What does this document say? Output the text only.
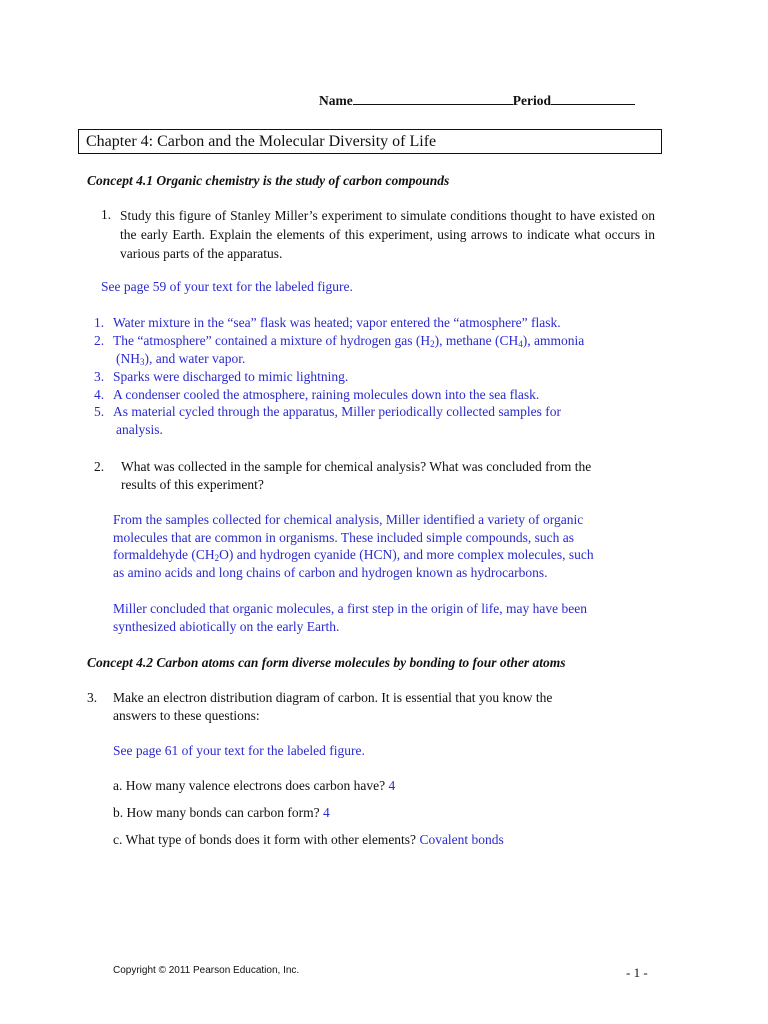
Name	Period
Chapter 4: Carbon and the Molecular Diversity of Life
Concept 4.1 Organic chemistry is the study of carbon compounds
1. Study this figure of Stanley Miller’s experiment to simulate conditions thought to have existed on the early Earth. Explain the elements of this experiment, using arrows to indicate what occurs in various parts of the apparatus.
See page 59 of your text for the labeled figure.
1. Water mixture in the “sea” flask was heated; vapor entered the “atmosphere” flask.
2. The “atmosphere” contained a mixture of hydrogen gas $(H_2)$, methane $(CH_4)$, ammonia
$(NH_3)$, and water vapor.
3. Sparks were discharged to mimic lightning.
4. A condenser cooled the atmosphere, raining molecules down into the sea flask.
5. As material cycled through the apparatus, Miller periodically collected samples for
analysis.
2. What was collected in the sample for chemical analysis? What was concluded from the
results of this experiment?
From the samples collected for chemical analysis, Miller identified a variety of organic
molecules that are common in organisms. These included simple compounds, such as
formaldehyde $(CH_2O)$ and hydrogen cyanide (HCN), and more complex molecules, such
as amino acids and long chains of carbon and hydrogen known as hydrocarbons.
Miller concluded that organic molecules, a first step in the origin of life, may have been
synthesized abiotically on the early Earth.
Concept 4.2 Carbon atoms can form diverse molecules by bonding to four other atoms
3. Make an electron distribution diagram of carbon. It is essential that you know the
answers to these questions:
See page 61 of your text for the labeled figure.
a. How many valence electrons does carbon have? 4
b. How many bonds can carbon form? 4
c. What type of bonds does it form with other elements? Covalent bonds
Copyright © 2011 Pearson Education, Inc.	- 1 -
